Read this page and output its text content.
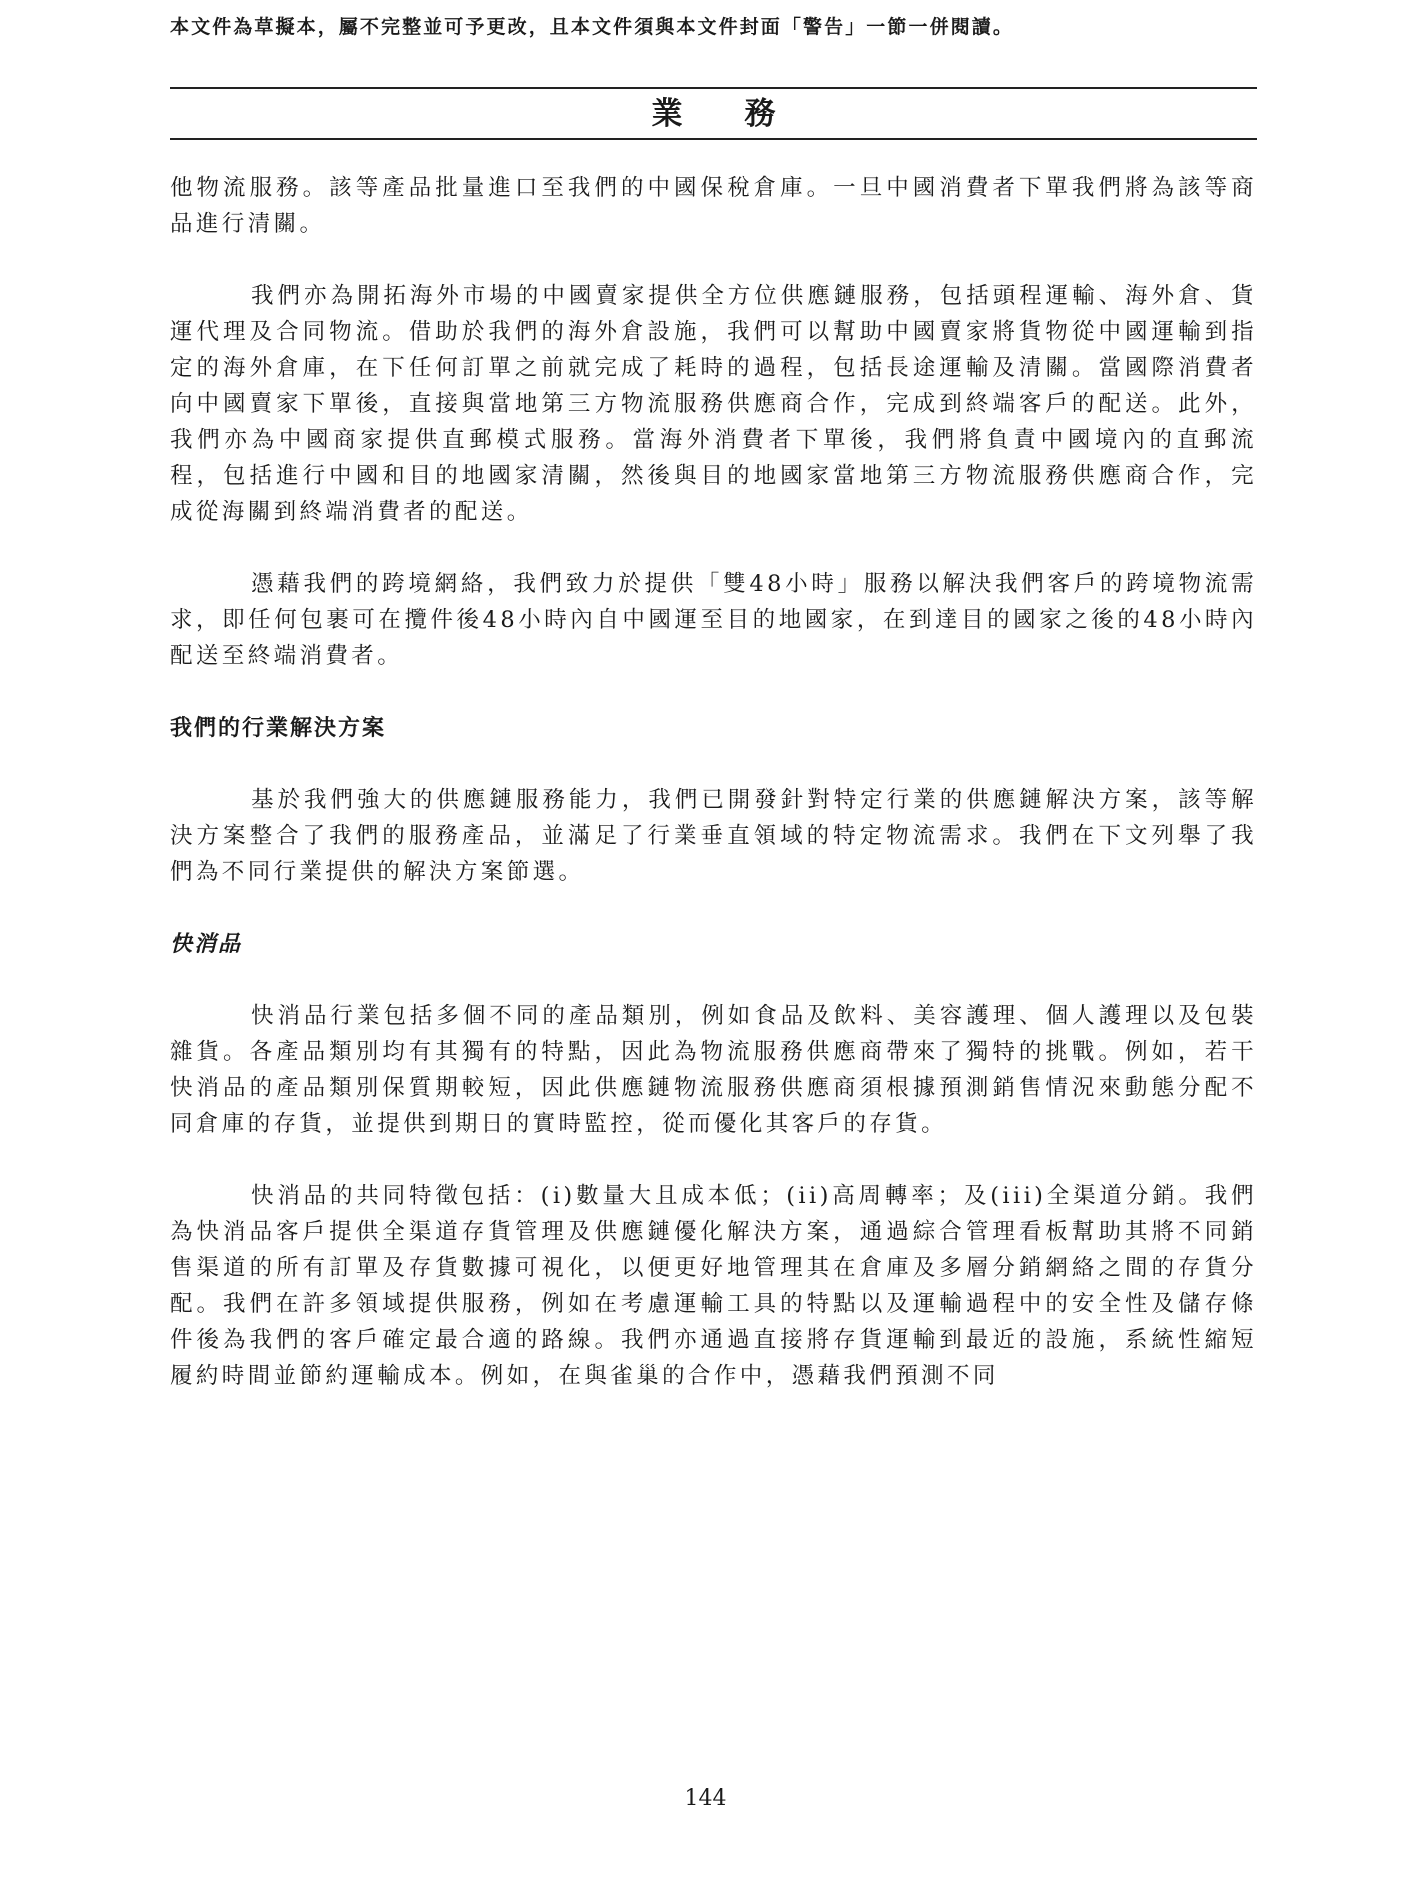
本文件為草擬本，屬不完整並可予更改，且本文件須與本文件封面「警告」一節一併閱讀。
業務

他物流服務。該等產品批量進口至我們的中國保稅倉庫。一旦中國消費者下單我們將為該等商品進行清關。

我們亦為開拓海外市場的中國賣家提供全方位供應鏈服務，包括頭程運輸、海外倉、貨運代理及合同物流。借助於我們的海外倉設施，我們可以幫助中國賣家將貨物從中國運輸到指定的海外倉庫，在下任何訂單之前就完成了耗時的過程，包括長途運輸及清關。當國際消費者向中國賣家下單後，直接與當地第三方物流服務供應商合作，完成到終端客戶的配送。此外，我們亦為中國商家提供直郵模式服務。當海外消費者下單後，我們將負責中國境內的直郵流程，包括進行中國和目的地國家清關，然後與目的地國家當地第三方物流服務供應商合作，完成從海關到終端消費者的配送。

憑藉我們的跨境網絡，我們致力於提供「雙48小時」服務以解決我們客戶的跨境物流需求，即任何包裹可在攬件後48小時內自中國運至目的地國家，在到達目的國家之後的48小時內配送至終端消費者。

我們的行業解決方案

基於我們強大的供應鏈服務能力，我們已開發針對特定行業的供應鏈解決方案，該等解決方案整合了我們的服務產品，並滿足了行業垂直領域的特定物流需求。我們在下文列舉了我們為不同行業提供的解決方案節選。

快消品

快消品行業包括多個不同的產品類別，例如食品及飲料、美容護理、個人護理以及包裝雜貨。各產品類別均有其獨有的特點，因此為物流服務供應商帶來了獨特的挑戰。例如，若干快消品的產品類別保質期較短，因此供應鏈物流服務供應商須根據預測銷售情況來動態分配不同倉庫的存貨，並提供到期日的實時監控，從而優化其客戶的存貨。

快消品的共同特徵包括：(i)數量大且成本低；(ii)高周轉率；及(iii)全渠道分銷。我們為快消品客戶提供全渠道存貨管理及供應鏈優化解決方案，通過綜合管理看板幫助其將不同銷售渠道的所有訂單及存貨數據可視化，以便更好地管理其在倉庫及多層分銷網絡之間的存貨分配。我們在許多領域提供服務，例如在考慮運輸工具的特點以及運輸過程中的安全性及儲存條件後為我們的客戶確定最合適的路線。我們亦通過直接將存貨運輸到最近的設施，系統性縮短履約時間並節約運輸成本。例如，在與雀巢的合作中，憑藉我們預測不同

144
